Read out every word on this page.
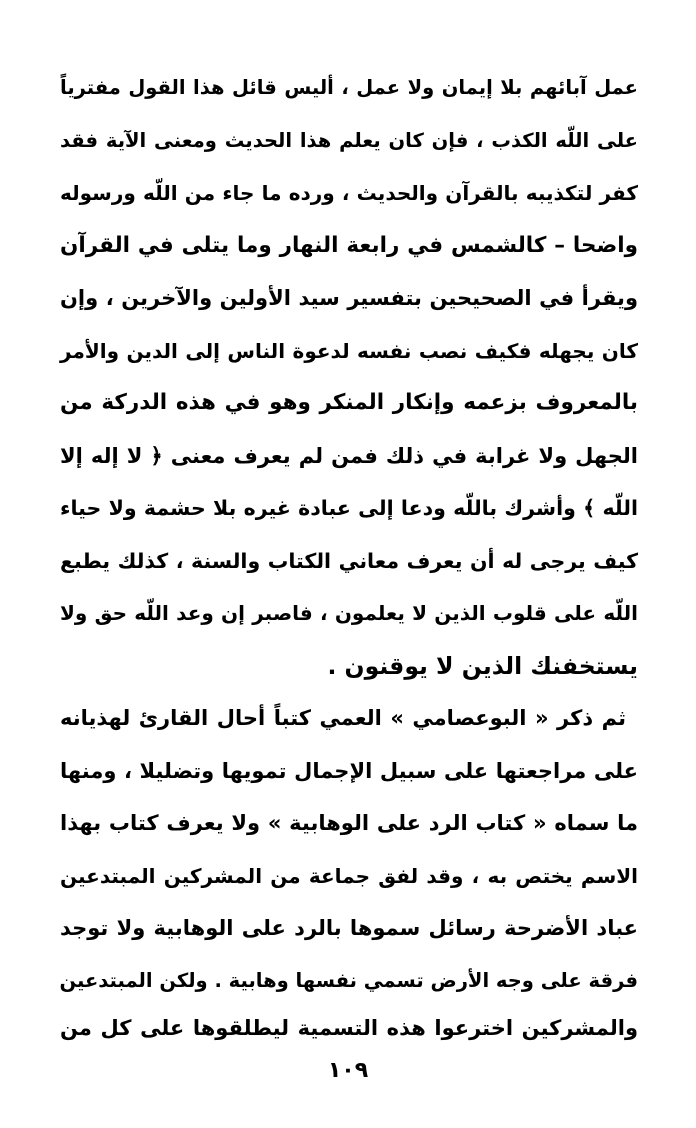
عمل آبائهم بلا إيمان ولا عمل ، أليس قائل هذا القول مفترياً
على اللّه الكذب ، فإن كان يعلم هذا الحديث ومعنى الآية فقد
كفر لتكذيبه بالقرآن والحديث ، ورده ما جاء من اللّه ورسوله
واضحا – كالشمس في رابعة النهار وما يتلى في القرآن
ويقرأ في الصحيحين بتفسير سيد الأولين والآخرين ، وإن
كان يجهله فكيف نصب نفسه لدعوة الناس إلى الدين والأمر
بالمعروف بزعمه وإنكار المنكر وهو في هذه الدركة من
الجهل ولا غرابة في ذلك فمن لم يعرف معنى ﴿ لا إله إلا
اللّه ﴾ وأشرك باللّه ودعا إلى عبادة غيره بلا حشمة ولا حياء
كيف يرجى له أن يعرف معاني الكتاب والسنة ، كذلك يطبع
اللّه على قلوب الذين لا يعلمون ، فاصبر إن وعد اللّه حق ولا
يستخفنك الذين لا يوقنون .
ثم ذكر « البوعصامي » العمي كتباً أحال القارئ لهذيانه
على مراجعتها على سبيل الإجمال تمويها وتضليلا ، ومنها
ما سماه « كتاب الرد على الوهابية » ولا يعرف كتاب بهذا
الاسم يختص به ، وقد لفق جماعة من المشركين المبتدعين
عباد الأضرحة رسائل سموها بالرد على الوهابية ولا توجد
فرقة على وجه الأرض تسمي نفسها وهابية . ولكن المبتدعين
والمشركين اخترعوا هذه التسمية ليطلقوها على كل من
١٠٩
